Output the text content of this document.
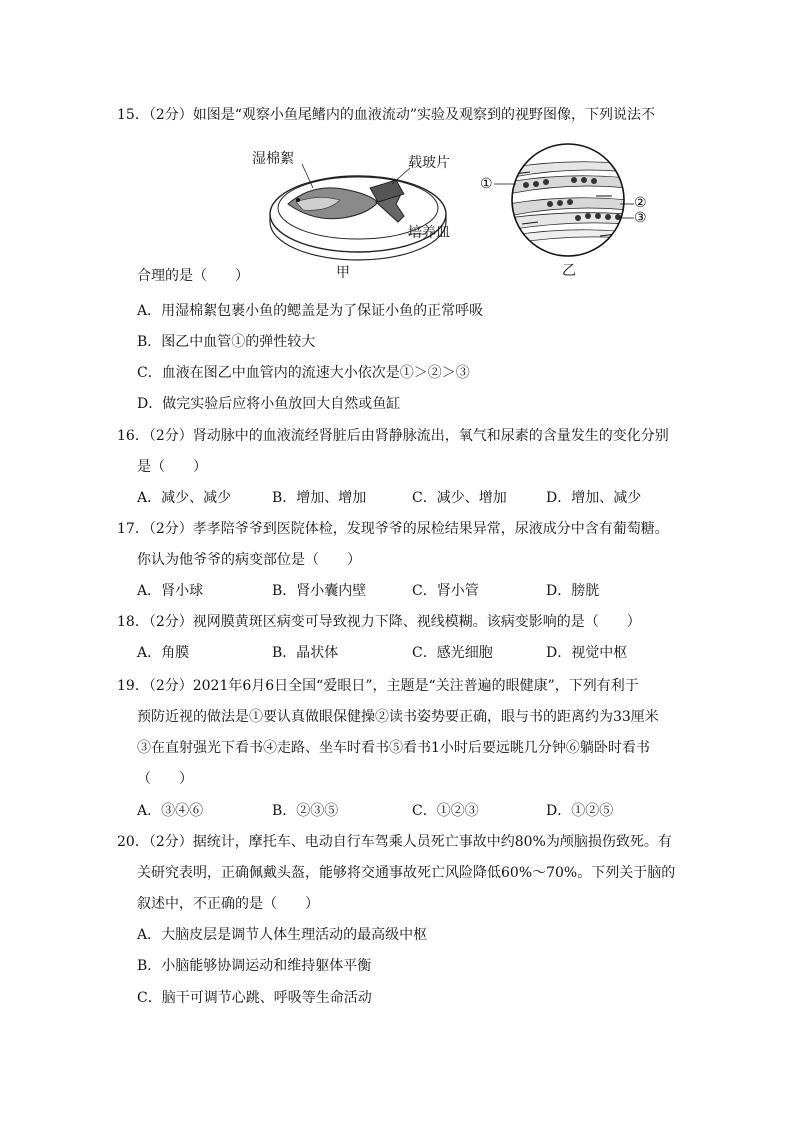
15．（2分）如图是“观察小鱼尾鳍内的血液流动”实验及观察到的视野图像，下列说法不
湿棉絮	载玻片
培养皿
甲
①
②
③
乙
合理的是（　　）
A．用湿棉絮包裹小鱼的鳃盖是为了保证小鱼的正常呼吸
B．图乙中血管①的弹性较大
C．血液在图乙中血管内的流速大小依次是①＞②＞③
D．做完实验后应将小鱼放回大自然或鱼缸
16．（2分）肾动脉中的血液流经肾脏后由肾静脉流出，氧气和尿素的含量发生的变化分别
是（　　）
A．减少、减少	B．增加、增加	C．减少、增加	D．增加、减少
17．（2分）孝孝陪爷爷到医院体检，发现爷爷的尿检结果异常，尿液成分中含有葡萄糖。
你认为他爷爷的病变部位是（　　）
A．肾小球	B．肾小囊内壁	C．肾小管	D．膀胱
18．（2分）视网膜黄斑区病变可导致视力下降、视线模糊。该病变影响的是（　　）
A．角膜	B．晶状体	C．感光细胞	D．视觉中枢
19．（2分）2021年6月6日全国“爱眼日”，主题是“关注普遍的眼健康”，下列有利于
预防近视的做法是①要认真做眼保健操②读书姿势要正确，眼与书的距离约为33厘米
③在直射强光下看书④走路、坐车时看书⑤看书1小时后要远眺几分钟⑥躺卧时看书
（　　）
A．③④⑥	B．②③⑤	C．①②③	D．①②⑤
20．（2分）据统计，摩托车、电动自行车驾乘人员死亡事故中约80%为颅脑损伤致死。有
关研究表明，正确佩戴头盔，能够将交通事故死亡风险降低60%～70%。下列关于脑的
叙述中，不正确的是（　　）
A．大脑皮层是调节人体生理活动的最高级中枢
B．小脑能够协调运动和维持躯体平衡
C．脑干可调节心跳、呼吸等生命活动
